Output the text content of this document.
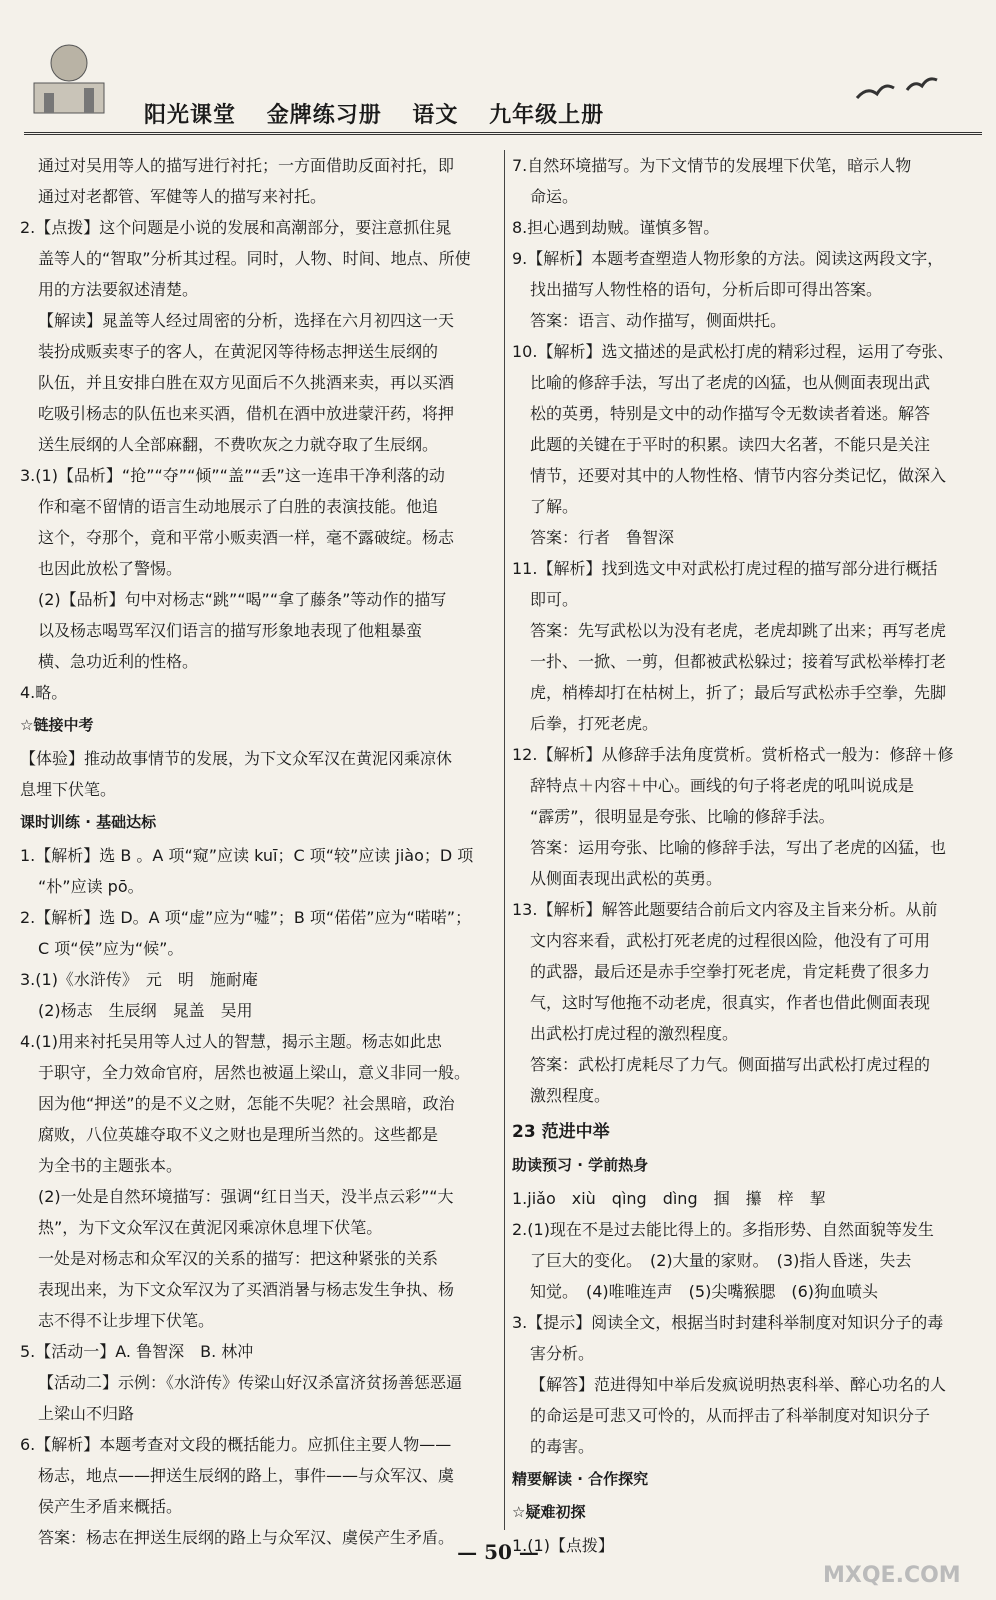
阳光课堂 金牌练习册 语文 九年级上册
通过对吴用等人的描写进行衬托；一方面借助反面衬托，即
通过对老都管、军健等人的描写来衬托。
2.【点拨】这个问题是小说的发展和高潮部分，要注意抓住晁
盖等人的“智取”分析其过程。同时，人物、时间、地点、所使
用的方法要叙述清楚。
【解读】晁盖等人经过周密的分析，选择在六月初四这一天
装扮成贩卖枣子的客人，在黄泥冈等待杨志押送生辰纲的
队伍，并且安排白胜在双方见面后不久挑酒来卖，再以买酒
吃吸引杨志的队伍也来买酒，借机在酒中放进蒙汗药，将押
送生辰纲的人全部麻翻，不费吹灰之力就夺取了生辰纲。
3.(1)【品析】“抢”“夺”“倾”“盖”“丢”这一连串干净利落的动
作和毫不留情的语言生动地展示了白胜的表演技能。他追
这个，夺那个，竟和平常小贩卖酒一样，毫不露破绽。杨志
也因此放松了警惕。
(2)【品析】句中对杨志“跳”“喝”“拿了藤条”等动作的描写
以及杨志喝骂军汉们语言的描写形象地表现了他粗暴蛮
横、急功近利的性格。
4.略。
☆链接中考
【体验】推动故事情节的发展，为下文众军汉在黄泥冈乘凉休
息埋下伏笔。
课时训练 · 基础达标
1.【解析】选 B 。A 项“窥”应读 kuī；C 项“较”应读 jiào；D 项
“朴”应读 pō。
2.【解析】选 D。A 项“虚”应为“嘘”；B 项“偌偌”应为“喏喏”；
C 项“侯”应为“候”。
3.(1)《水浒传》　元　明　施耐庵
(2)杨志　生辰纲　晁盖　吴用
4.(1)用来衬托吴用等人过人的智慧，揭示主题。杨志如此忠
于职守，全力效命官府，居然也被逼上梁山，意义非同一般。
因为他“押送”的是不义之财，怎能不失呢？社会黑暗，政治
腐败，八位英雄夺取不义之财也是理所当然的。这些都是
为全书的主题张本。
(2)一处是自然环境描写：强调“红日当天，没半点云彩”“大
热”，为下文众军汉在黄泥冈乘凉休息埋下伏笔。
一处是对杨志和众军汉的关系的描写：把这种紧张的关系
表现出来，为下文众军汉为了买酒消暑与杨志发生争执、杨
志不得不让步埋下伏笔。
5.【活动一】A. 鲁智深　B. 林冲
【活动二】示例：《水浒传》传梁山好汉杀富济贫扬善惩恶逼
上梁山不归路
6.【解析】本题考查对文段的概括能力。应抓住主要人物——
杨志，地点——押送生辰纲的路上，事件——与众军汉、虞
侯产生矛盾来概括。
答案：杨志在押送生辰纲的路上与众军汉、虞侯产生矛盾。
7.自然环境描写。为下文情节的发展埋下伏笔，暗示人物
命运。
8.担心遇到劫贼。谨慎多智。
9.【解析】本题考查塑造人物形象的方法。阅读这两段文字，
找出描写人物性格的语句，分析后即可得出答案。
答案：语言、动作描写，侧面烘托。
10.【解析】选文描述的是武松打虎的精彩过程，运用了夸张、
比喻的修辞手法，写出了老虎的凶猛，也从侧面表现出武
松的英勇，特别是文中的动作描写令无数读者着迷。解答
此题的关键在于平时的积累。读四大名著，不能只是关注
情节，还要对其中的人物性格、情节内容分类记忆，做深入
了解。
答案：行者　鲁智深
11.【解析】找到选文中对武松打虎过程的描写部分进行概括
即可。
答案：先写武松以为没有老虎，老虎却跳了出来；再写老虎
一扑、一掀、一剪，但都被武松躲过；接着写武松举棒打老
虎，梢棒却打在枯树上，折了；最后写武松赤手空拳，先脚
后拳，打死老虎。
12.【解析】从修辞手法角度赏析。赏析格式一般为：修辞＋修
辞特点＋内容＋中心。画线的句子将老虎的吼叫说成是
“霹雳”，很明显是夸张、比喻的修辞手法。
答案：运用夸张、比喻的修辞手法，写出了老虎的凶猛，也
从侧面表现出武松的英勇。
13.【解析】解答此题要结合前后文内容及主旨来分析。从前
文内容来看，武松打死老虎的过程很凶险，他没有了可用
的武器，最后还是赤手空拳打死老虎，肯定耗费了很多力
气，这时写他拖不动老虎，很真实，作者也借此侧面表现
出武松打虎过程的激烈程度。
答案：武松打虎耗尽了力气。侧面描写出武松打虎过程的
激烈程度。
23 范进中举
助读预习 · 学前热身
1.jiǎo　xiù　qìng　dìng　掴　攥　梓　挈
2.(1)现在不是过去能比得上的。多指形势、自然面貌等发生
了巨大的变化。　(2)大量的家财。　(3)指人昏迷，失去
知觉。　(4)唯唯连声　(5)尖嘴猴腮　(6)狗血喷头
3.【提示】阅读全文，根据当时封建科举制度对知识分子的毒
害分析。
【解答】范进得知中举后发疯说明热衷科举、醉心功名的人
的命运是可悲又可怜的，从而抨击了科举制度对知识分子
的毒害。
精要解读 · 合作探究
☆疑难初探
1.(1)【点拨】
— 50 —
MXQE.COM
